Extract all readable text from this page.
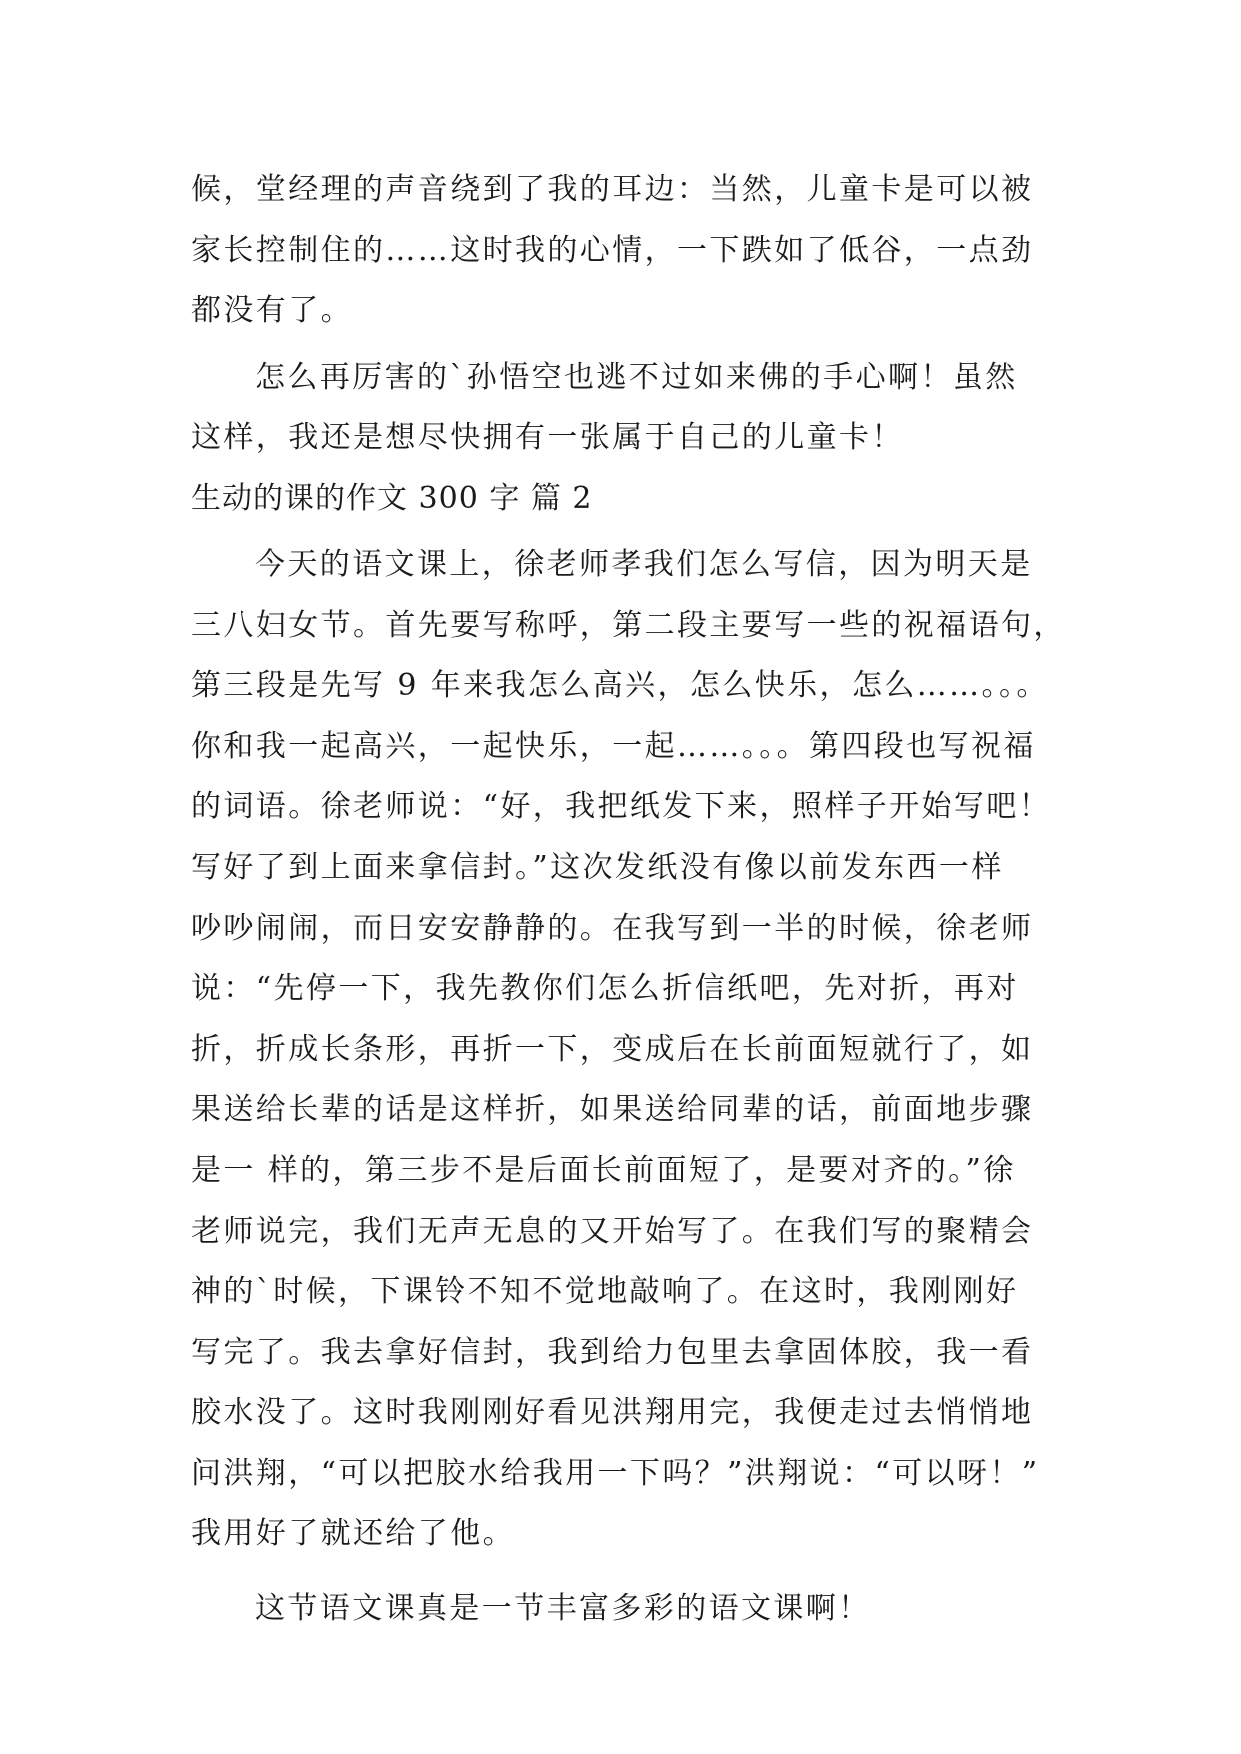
候，堂经理的声音绕到了我的耳边：当然，儿童卡是可以被
家长控制住的……这时我的心情，一下跌如了低谷，一点劲
都没有了。
怎么再厉害的`孙悟空也逃不过如来佛的手心啊！虽然
这样，我还是想尽快拥有一张属于自己的儿童卡！
生动的课的作文 300 字 篇 2
今天的语文课上，徐老师孝我们怎么写信，因为明天是
三八妇女节。首先要写称呼，第二段主要写一些的祝福语句，
第三段是先写 9 年来我怎么高兴，怎么快乐，怎么……。。。
你和我一起高兴，一起快乐，一起……。。。第四段也写祝福
的词语。徐老师说：“好，我把纸发下来，照样子开始写吧！
写好了到上面来拿信封。”这次发纸没有像以前发东西一样
吵吵闹闹，而日安安静静的。在我写到一半的时候，徐老师
说：“先停一下，我先教你们怎么折信纸吧，先对折，再对
折，折成长条形，再折一下，变成后在长前面短就行了，如
果送给长辈的话是这样折，如果送给同辈的话，前面地步骤
是一 样的，第三步不是后面长前面短了，是要对齐的。”徐
老师说完，我们无声无息的又开始写了。在我们写的聚精会
神的`时候，下课铃不知不觉地敲响了。在这时，我刚刚好
写完了。我去拿好信封，我到给力包里去拿固体胶，我一看
胶水没了。这时我刚刚好看见洪翔用完，我便走过去悄悄地
问洪翔，“可以把胶水给我用一下吗？”洪翔说：“可以呀！”
我用好了就还给了他。
这节语文课真是一节丰富多彩的语文课啊！
